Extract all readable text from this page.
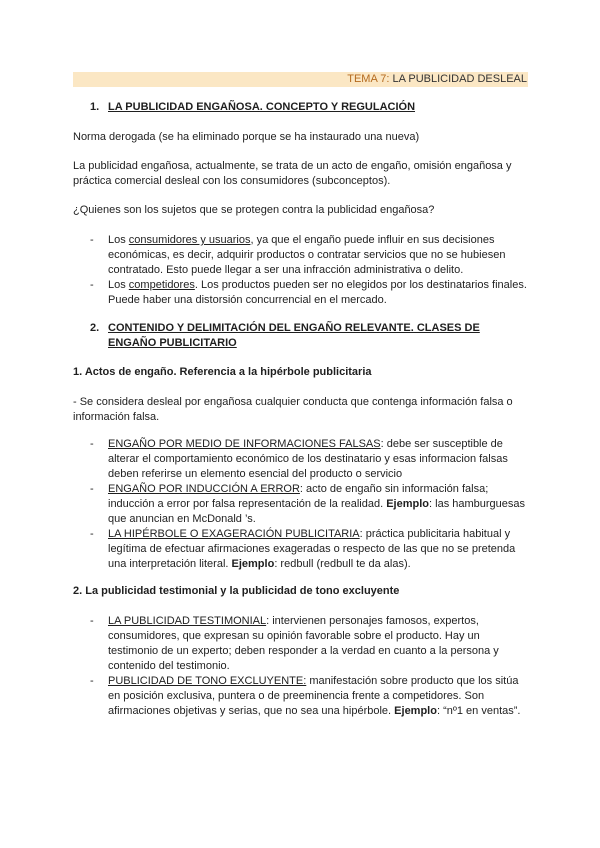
TEMA 7: LA PUBLICIDAD DESLEAL
1. LA PUBLICIDAD ENGAÑOSA. CONCEPTO Y REGULACIÓN
Norma derogada (se ha eliminado porque se ha instaurado una nueva)
La publicidad engañosa, actualmente, se trata de un acto de engaño, omisión engañosa y práctica comercial desleal con los consumidores (subconceptos).
¿Quienes son los sujetos que se protegen contra la publicidad engañosa?
- Los consumidores y usuarios, ya que el engaño puede influir en sus decisiones económicas, es decir, adquirir productos o contratar servicios que no se hubiesen contratado. Esto puede llegar a ser una infracción administrativa o delito.
- Los competidores. Los productos pueden ser no elegidos por los destinatarios finales. Puede haber una distorsión concurrencial en el mercado.
2. CONTENIDO Y DELIMITACIÓN DEL ENGAÑO RELEVANTE. CLASES DE ENGAÑO PUBLICITARIO
1. Actos de engaño. Referencia a la hipérbole publicitaria
- Se considera desleal por engañosa cualquier conducta que contenga información falsa o información falsa.
- ENGAÑO POR MEDIO DE INFORMACIONES FALSAS: debe ser susceptible de alterar el comportamiento económico de los destinatario y esas informacion falsas deben referirse un elemento esencial del producto o servicio
- ENGAÑO POR INDUCCIÓN A ERROR: acto de engaño sin información falsa; inducción a error por falsa representación de la realidad. Ejemplo: las hamburguesas que anuncian en McDonald ’s.
- LA HIPÉRBOLE O EXAGERACIÓN PUBLICITARIA: práctica publicitaria habitual y legítima de efectuar afirmaciones exageradas o respecto de las que no se pretenda una interpretación literal. Ejemplo: redbull (redbull te da alas).
2. La publicidad testimonial y la publicidad de tono excluyente
- LA PUBLICIDAD TESTIMONIAL: intervienen personajes famosos, expertos, consumidores, que expresan su opinión favorable sobre el producto. Hay un testimonio de un experto; deben responder a la verdad en cuanto a la persona y contenido del testimonio.
- PUBLICIDAD DE TONO EXCLUYENTE: manifestación sobre producto que los sitúa en posición exclusiva, puntera o de preeminencia frente a competidores. Son afirmaciones objetivas y serias, que no sea una hipérbole. Ejemplo: “nº1 en ventas”.
